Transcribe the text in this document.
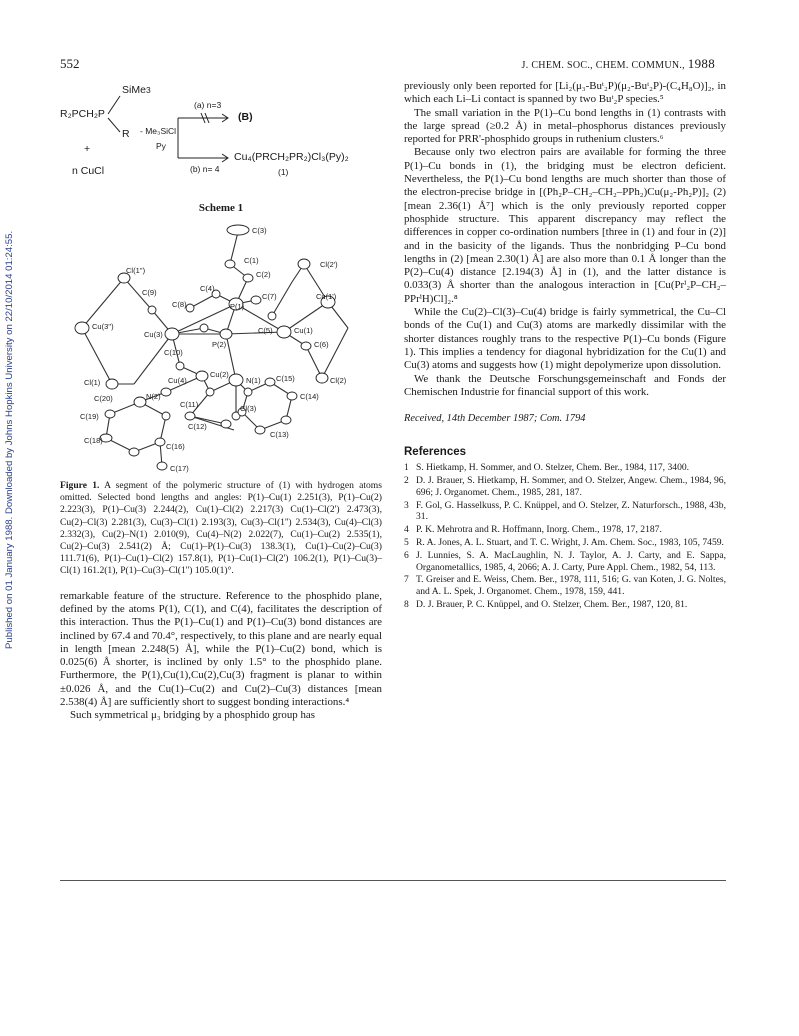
Published on 01 January 1988. Downloaded by Johns Hopkins University on 22/10/2014 01:24:55.
552	J. CHEM. SOC., CHEM. COMMUN., 1988
SiMe3
R₂PCH₂P
R
+
n CuCl
(a) n=3
(B)
- Me₃SiCl
Py
Cu₄(PRCH₂PR₂)Cl₃(Py)₂
(b) n= 4	(1)
Scheme 1
C(3)
C(1)
C(2)
Cl(1'')
Cl(2')
C(9)	C(4)
P(1)
C(7)
C(8)
Cu(1')
Cu(3'')
Cu(3)
P(2)
C(5)	Cu(1)
C(10)
C(6)
Cl(1)	Cu(4)
Cu(2)
Cl(2)
N(1)
C(20)	N(2)
C(15)
C(11)
C(14)
C(19)
Cl(3)
C(12)
C(18)
C(16)
C(13)
C(17)
Figure 1. A segment of the polymeric structure of (1) with hydrogen atoms omitted. Selected bond lengths and angles: P(1)–Cu(1) 2.251(3), P(1)–Cu(2) 2.223(3), P(1)–Cu(3) 2.244(2), Cu(1)–Cl(2) 2.217(3) Cu(1)–Cl(2') 2.473(3), Cu(2)–Cl(3) 2.281(3), Cu(3)–Cl(1) 2.193(3), Cu(3)–Cl(1'') 2.534(3), Cu(4)–Cl(3) 2.332(3), Cu(2)–N(1) 2.010(9), Cu(4)–N(2) 2.022(7), Cu(1)–Cu(2) 2.535(1), Cu(2)–Cu(3) 2.541(2) Å; Cu(1)–P(1)–Cu(3) 138.3(1), Cu(1)–Cu(2)–Cu(3) 111.71(6), P(1)–Cu(1)–Cl(2) 157.8(1), P(1)–Cu(1)–Cl(2') 106.2(1), P(1)–Cu(3)–Cl(1) 161.2(1), P(1)–Cu(3)–Cl(1'') 105.0(1)°.

remarkable feature of the structure. Reference to the phosphido plane, defined by the atoms P(1), C(1), and C(4), facilitates the description of this interaction. Thus the P(1)–Cu(1) and P(1)–Cu(3) bond distances are inclined by 67.4 and 70.4°, respectively, to this plane and are nearly equal in length [mean 2.248(5) Å], while the P(1)–Cu(2) bond, which is 0.025(6) Å shorter, is inclined by only 1.5° to the phosphido plane. Furthermore, the P(1),Cu(1),Cu(2),Cu(3) fragment is planar to within ±0.026 Å, and the Cu(1)–Cu(2) and Cu(2)–Cu(3) distances [mean 2.538(4) Å] are sufficiently short to suggest bonding interactions.⁴

Such symmetrical μ₃ bridging by a phosphido group has

previously only been reported for [Li₂(μ₃-Buᵗ₂P)(μ₂-Buᵗ₂P)-(C₄H₈O)]₂, in which each Li–Li contact is spanned by two Buᵗ₂P species.⁵

The small variation in the P(1)–Cu bond lengths in (1) contrasts with the large spread (≥0.2 Å) in metal–phosphorus distances previously reported for PRR'-phosphido groups in ruthenium clusters.⁶

Because only two electron pairs are available for forming the three P(1)–Cu bonds in (1), the bridging must be electron deficient. Nevertheless, the P(1)–Cu bond lengths are much shorter than those of the electron-precise bridge in [(Ph₂P–CH₂–CH₂–PPh₂)Cu(μ₂-Ph₂P)]₂ (2) [mean 2.36(1) Å⁷] which is the only previously reported copper phosphide structure. This apparent discrepancy may reflect the differences in copper co-ordination numbers [three in (1) and four in (2)] and in the basicity of the ligands. Thus the nonbridging P–Cu bond lengths in (2) [mean 2.30(1) Å] are also more than 0.1 Å longer than the P(2)–Cu(4) distance [2.194(3) Å] in (1), and the latter distance is 0.033(3) Å shorter than the analogous interaction in [Cu(Prⁱ₂P–CH₂–PPrⁱH)Cl]₂.⁸

While the Cu(2)–Cl(3)–Cu(4) bridge is fairly symmetrical, the Cu–Cl bonds of the Cu(1) and Cu(3) atoms are markedly dissimilar with the shorter distances roughly trans to the respective P(1)–Cu bonds (Figure 1). This implies a tendency for diagonal hybridization for the Cu(1) and Cu(3) atoms and suggests how (1) might depolymerize upon dissolution.

We thank the Deutsche Forschungsgemeinschaft and Fonds der Chemischen Industrie for financial support of this work.

Received, 14th December 1987; Com. 1794
References
1 S. Hietkamp, H. Sommer, and O. Stelzer, Chem. Ber., 1984, 117, 3400.
2 D. J. Brauer, S. Hietkamp, H. Sommer, and O. Stelzer, Angew. Chem., 1984, 96, 696; J. Organomet. Chem., 1985, 281, 187.
3 F. Gol, G. Hasselkuss, P. C. Knüppel, and O. Stelzer, Z. Naturforsch., 1988, 43b, 31.
4 P. K. Mehrotra and R. Hoffmann, Inorg. Chem., 1978, 17, 2187.
5 R. A. Jones, A. L. Stuart, and T. C. Wright, J. Am. Chem. Soc., 1983, 105, 7459.
6 J. Lunnies, S. A. MacLaughlin, N. J. Taylor, A. J. Carty, and E. Sappa, Organometallics, 1985, 4, 2066; A. J. Carty, Pure Appl. Chem., 1982, 54, 113.
7 T. Greiser and E. Weiss, Chem. Ber., 1978, 111, 516; G. van Koten, J. G. Noltes, and A. L. Spek, J. Organomet. Chem., 1978, 159, 441.
8 D. J. Brauer, P. C. Knüppel, and O. Stelzer, Chem. Ber., 1987, 120, 81.
